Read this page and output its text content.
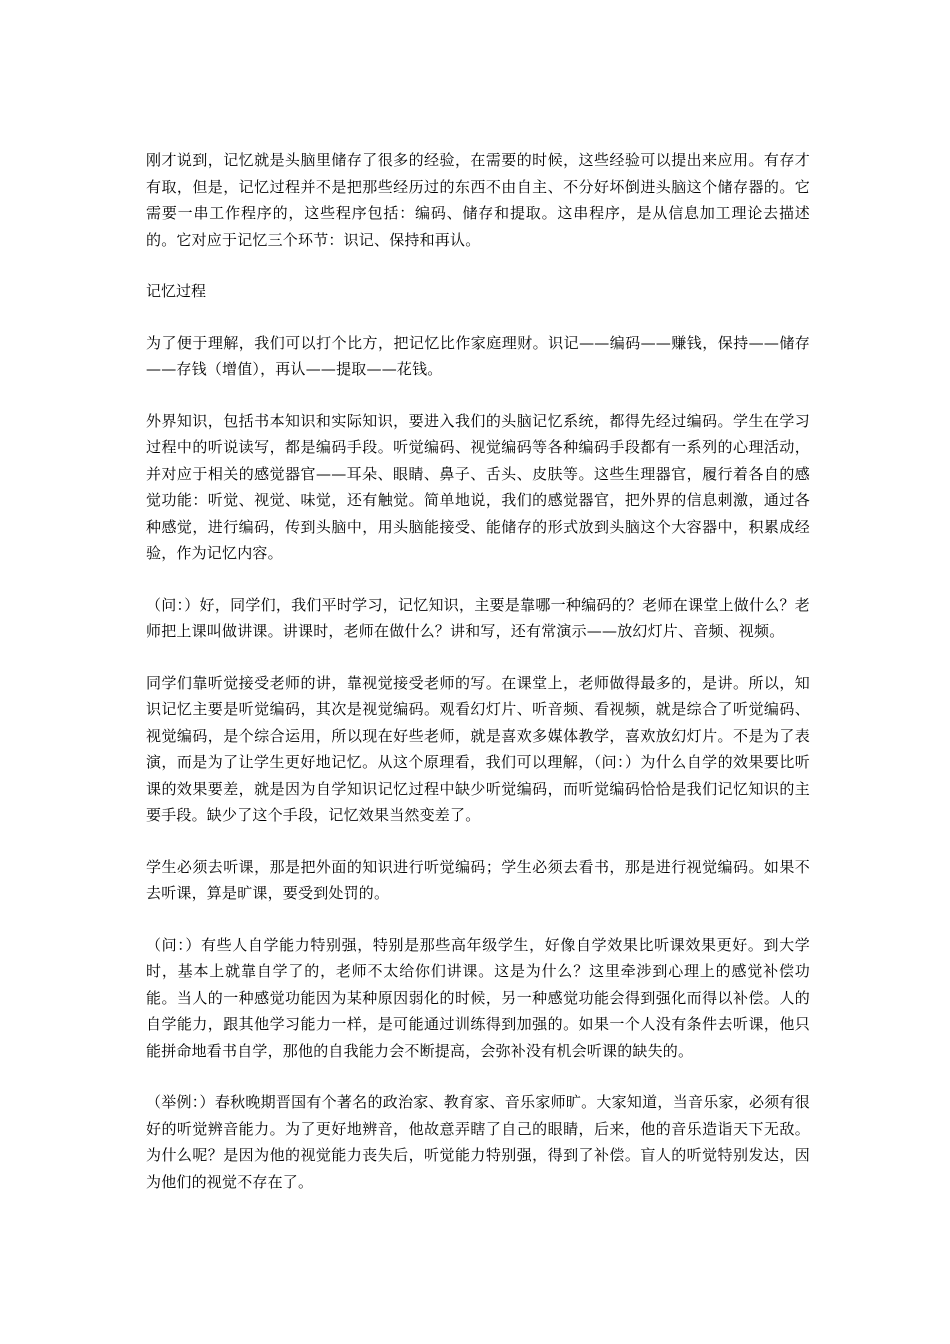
刚才说到，记忆就是头脑里储存了很多的经验，在需要的时候，这些经验可以提出来应用。有存才有取，但是，记忆过程并不是把那些经历过的东西不由自主、不分好坏倒进头脑这个储存器的。它需要一串工作程序的，这些程序包括：编码、储存和提取。这串程序，是从信息加工理论去描述的。它对应于记忆三个环节：识记、保持和再认。

记忆过程

为了便于理解，我们可以打个比方，把记忆比作家庭理财。识记——编码——赚钱，保持——储存——存钱（增值），再认——提取——花钱。

外界知识，包括书本知识和实际知识，要进入我们的头脑记忆系统，都得先经过编码。学生在学习过程中的听说读写，都是编码手段。听觉编码、视觉编码等各种编码手段都有一系列的心理活动，并对应于相关的感觉器官——耳朵、眼睛、鼻子、舌头、皮肤等。这些生理器官，履行着各自的感觉功能：听觉、视觉、味觉，还有触觉。简单地说，我们的感觉器官，把外界的信息刺激，通过各种感觉，进行编码，传到头脑中，用头脑能接受、能储存的形式放到头脑这个大容器中，积累成经验，作为记忆内容。

（问：）好，同学们，我们平时学习，记忆知识，主要是靠哪一种编码的？老师在课堂上做什么？老师把上课叫做讲课。讲课时，老师在做什么？讲和写，还有常演示——放幻灯片、音频、视频。

同学们靠听觉接受老师的讲，靠视觉接受老师的写。在课堂上，老师做得最多的，是讲。所以，知识记忆主要是听觉编码，其次是视觉编码。观看幻灯片、听音频、看视频，就是综合了听觉编码、视觉编码，是个综合运用，所以现在好些老师，就是喜欢多媒体教学，喜欢放幻灯片。不是为了表演，而是为了让学生更好地记忆。从这个原理看，我们可以理解，（问：）为什么自学的效果要比听课的效果要差，就是因为自学知识记忆过程中缺少听觉编码，而听觉编码恰恰是我们记忆知识的主要手段。缺少了这个手段，记忆效果当然变差了。

学生必须去听课，那是把外面的知识进行听觉编码；学生必须去看书，那是进行视觉编码。如果不去听课，算是旷课，要受到处罚的。

（问：）有些人自学能力特别强，特别是那些高年级学生，好像自学效果比听课效果更好。到大学时，基本上就靠自学了的，老师不太给你们讲课。这是为什么？这里牵涉到心理上的感觉补偿功能。当人的一种感觉功能因为某种原因弱化的时候，另一种感觉功能会得到强化而得以补偿。人的自学能力，跟其他学习能力一样，是可能通过训练得到加强的。如果一个人没有条件去听课，他只能拼命地看书自学，那他的自我能力会不断提高，会弥补没有机会听课的缺失的。

（举例：）春秋晚期晋国有个著名的政治家、教育家、音乐家师旷。大家知道，当音乐家，必须有很好的听觉辨音能力。为了更好地辨音，他故意弄瞎了自己的眼睛，后来，他的音乐造诣天下无敌。为什么呢？是因为他的视觉能力丧失后，听觉能力特别强，得到了补偿。盲人的听觉特别发达，因为他们的视觉不存在了。
